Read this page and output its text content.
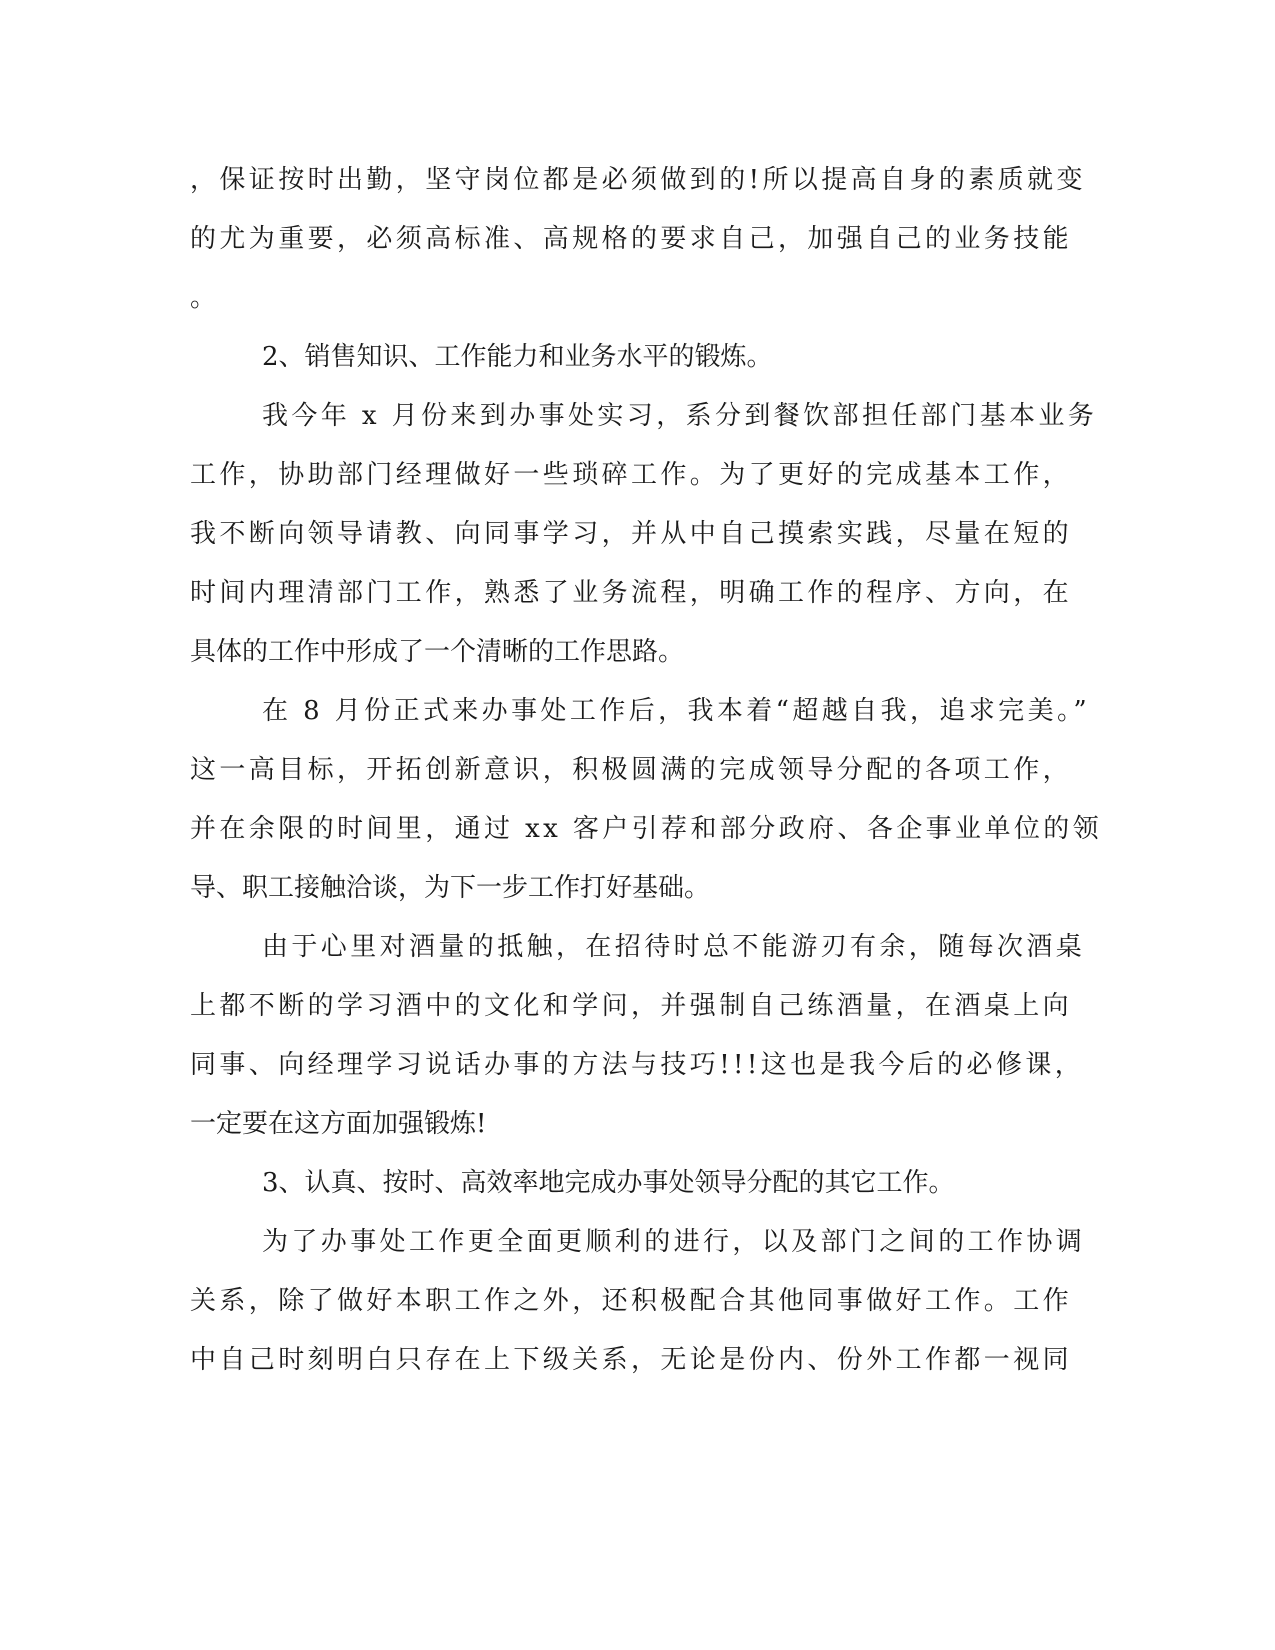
，保证按时出勤，坚守岗位都是必须做到的!所以提高自身的素质就变
的尤为重要，必须高标准、高规格的要求自己，加强自己的业务技能
。
2、销售知识、工作能力和业务水平的锻炼。
我今年 x 月份来到办事处实习，系分到餐饮部担任部门基本业务
工作，协助部门经理做好一些琐碎工作。为了更好的完成基本工作，
我不断向领导请教、向同事学习，并从中自己摸索实践，尽量在短的
时间内理清部门工作，熟悉了业务流程，明确工作的程序、方向，在
具体的工作中形成了一个清晰的工作思路。
在 8 月份正式来办事处工作后，我本着“超越自我，追求完美。”
这一高目标，开拓创新意识，积极圆满的完成领导分配的各项工作，
并在余限的时间里，通过 xx 客户引荐和部分政府、各企事业单位的领
导、职工接触洽谈，为下一步工作打好基础。
由于心里对酒量的抵触，在招待时总不能游刃有余，随每次酒桌
上都不断的学习酒中的文化和学问，并强制自己练酒量，在酒桌上向
同事、向经理学习说话办事的方法与技巧!!!这也是我今后的必修课，
一定要在这方面加强锻炼!
3、认真、按时、高效率地完成办事处领导分配的其它工作。
为了办事处工作更全面更顺利的进行，以及部门之间的工作协调
关系，除了做好本职工作之外，还积极配合其他同事做好工作。工作
中自己时刻明白只存在上下级关系，无论是份内、份外工作都一视同
